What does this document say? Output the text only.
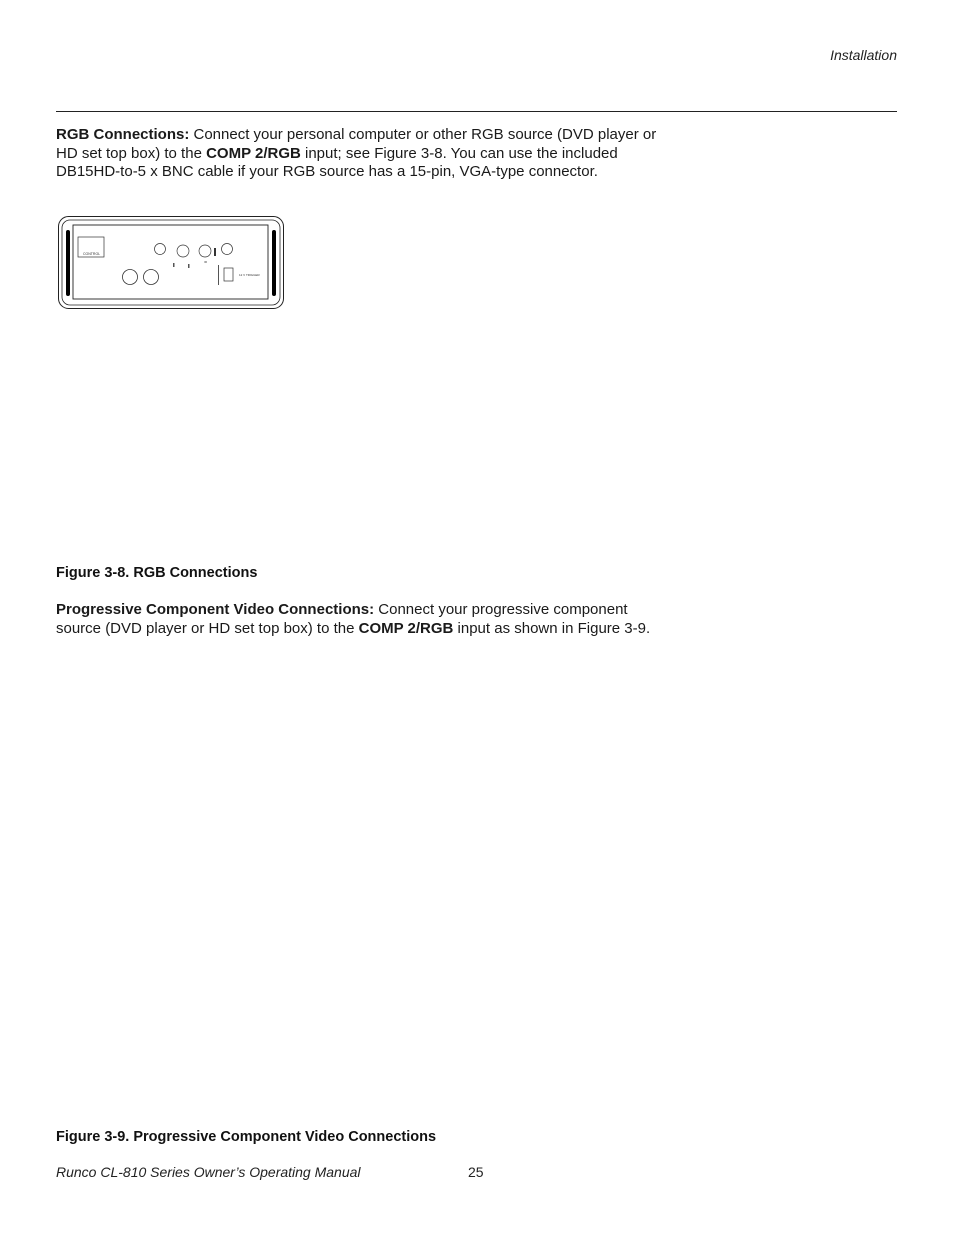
Installation
RGB Connections: Connect your personal computer or other RGB source (DVD player or HD set top box) to the COMP 2/RGB input; see Figure 3-8. You can use the included DB15HD-to-5 x BNC cable if your RGB source has a 15-pin, VGA-type connector.
CONTROL
12 V TRIGGER
IR
Figure 3-8. RGB Connections
Progressive Component Video Connections: Connect your progressive component source (DVD player or HD set top box) to the COMP 2/RGB input as shown in Figure 3-9.
Figure 3-9. Progressive Component Video Connections
Runco CL-810 Series Owner’s Operating Manual	25
